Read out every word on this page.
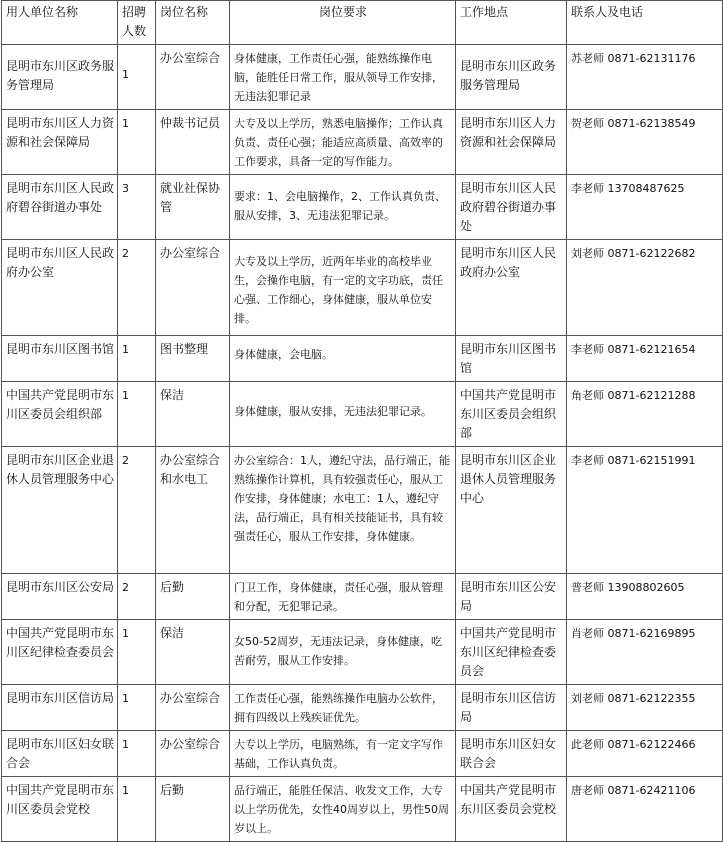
用人单位名称	招聘人数	岗位名称	岗位要求	工作地点	联系人及电话
昆明市东川区政务服务管理局	1	办公室综合	身体健康，工作责任心强，能熟练操作电脑，能胜任日常工作，服从领导工作安排，无违法犯罪记录	昆明市东川区政务服务管理局	苏老师 0871-62131176
昆明市东川区人力资源和社会保障局	1	仲裁书记员	大专及以上学历，熟悉电脑操作；工作认真负责、责任心强；能适应高质量、高效率的工作要求，具备一定的写作能力。	昆明市东川区人力资源和社会保障局	贺老师 0871-62138549
昆明市东川区人民政府碧谷街道办事处	3	就业社保协管	要求：1、会电脑操作，2、工作认真负责、服从安排，3、无违法犯罪记录。	昆明市东川区人民政府碧谷街道办事处	李老师 13708487625
昆明市东川区人民政府办公室	2	办公室综合	大专及以上学历，近两年毕业的高校毕业生，会操作电脑，有一定的文字功底，责任心强、工作细心，身体健康，服从单位安排。	昆明市东川区人民政府办公室	刘老师 0871-62122682
昆明市东川区图书馆	1	图书整理	身体健康，会电脑。	昆明市东川区图书馆	李老师 0871-62121654
中国共产党昆明市东川区委员会组织部	1	保洁	身体健康，服从安排，无违法犯罪记录。	中国共产党昆明市东川区委员会组织部	角老师 0871-62121288
昆明市东川区企业退休人员管理服务中心	2	办公室综合和水电工	办公室综合：1人，遵纪守法，品行端正，能熟练操作计算机，具有较强责任心，服从工作安排，身体健康；水电工：1人，遵纪守法，品行端正，具有相关技能证书，具有较强责任心，服从工作安排，身体健康。	昆明市东川区企业退休人员管理服务中心	李老师 0871-62151991
昆明市东川区公安局	2	后勤	门卫工作，身体健康，责任心强，服从管理和分配，无犯罪记录。	昆明市东川区公安局	普老师 13908802605
中国共产党昆明市东川区纪律检查委员会	1	保洁	女50-52周岁，无违法记录，身体健康，吃苦耐劳，服从工作安排。	中国共产党昆明市东川区纪律检查委员会	肖老师 0871-62169895
昆明市东川区信访局	1	办公室综合	工作责任心强，能熟练操作电脑办公软件，拥有四级以上残疾证优先。	昆明市东川区信访局	刘老师 0871-62122355
昆明市东川区妇女联合会	1	办公室综合	大专以上学历，电脑熟练，有一定文字写作基础，工作认真负责。	昆明市东川区妇女联合会	此老师 0871-62122466
中国共产党昆明市东川区委员会党校	1	后勤	品行端正，能胜任保洁、收发文工作，大专以上学历优先，女性40周岁以上，男性50周岁以上。	中国共产党昆明市东川区委员会党校	唐老师 0871-62421106
